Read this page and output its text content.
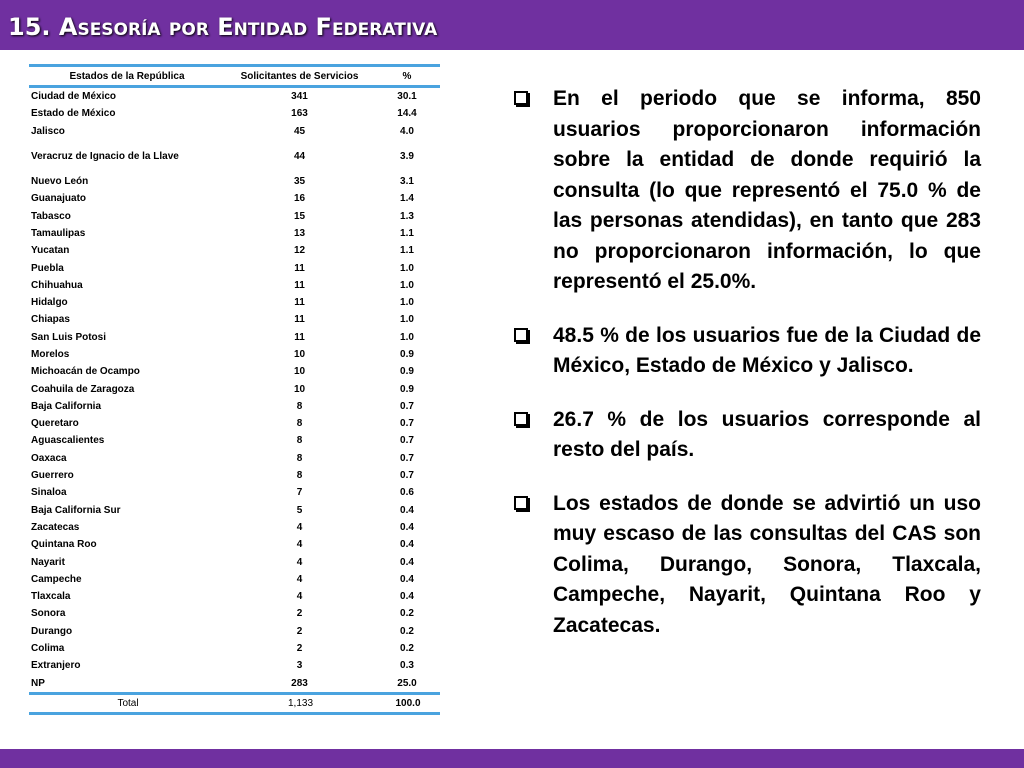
15. Asesoría por Entidad Federativa
Estados de la República	Solicitantes de Servicios	%
Ciudad de México	341	30.1
Estado de México	163	14.4
Jalisco	45	4.0
Veracruz de Ignacio de la Llave	44	3.9
Nuevo León	35	3.1
Guanajuato	16	1.4
Tabasco	15	1.3
Tamaulipas	13	1.1
Yucatan	12	1.1
Puebla	11	1.0
Chihuahua	11	1.0
Hidalgo	11	1.0
Chiapas	11	1.0
San Luis Potosi	11	1.0
Morelos	10	0.9
Michoacán de Ocampo	10	0.9
Coahuila de Zaragoza	10	0.9
Baja California	8	0.7
Queretaro	8	0.7
Aguascalientes	8	0.7
Oaxaca	8	0.7
Guerrero	8	0.7
Sinaloa	7	0.6
Baja California Sur	5	0.4
Zacatecas	4	0.4
Quintana Roo	4	0.4
Nayarit	4	0.4
Campeche	4	0.4
Tlaxcala	4	0.4
Sonora	2	0.2
Durango	2	0.2
Colima	2	0.2
Extranjero	3	0.3
NP	283	25.0
Total	1,133	100.0
En el periodo que se informa, 850 usuarios proporcionaron información sobre la entidad de donde requirió la consulta (lo que representó el 75.0 % de las personas atendidas), en tanto que 283 no proporcionaron información, lo que representó el 25.0%.
48.5 % de los usuarios fue de la Ciudad de México, Estado de México y Jalisco.
26.7 % de los usuarios corresponde al resto del país.
Los estados de donde se advirtió un uso muy escaso de las consultas del CAS son Colima, Durango, Sonora, Tlaxcala, Campeche, Nayarit, Quintana Roo y Zacatecas.
